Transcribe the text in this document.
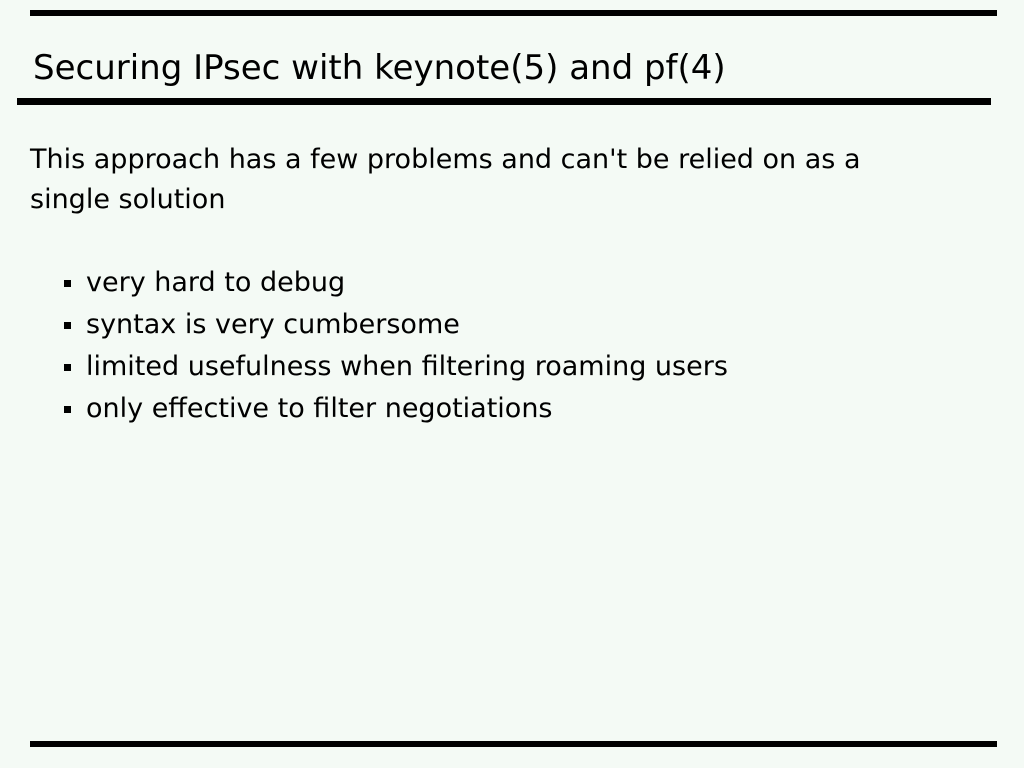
Securing IPsec with keynote(5) and pf(4)
This approach has a few problems and can't be relied on as a single solution
very hard to debug
syntax is very cumbersome
limited usefulness when filtering roaming users
only effective to filter negotiations
